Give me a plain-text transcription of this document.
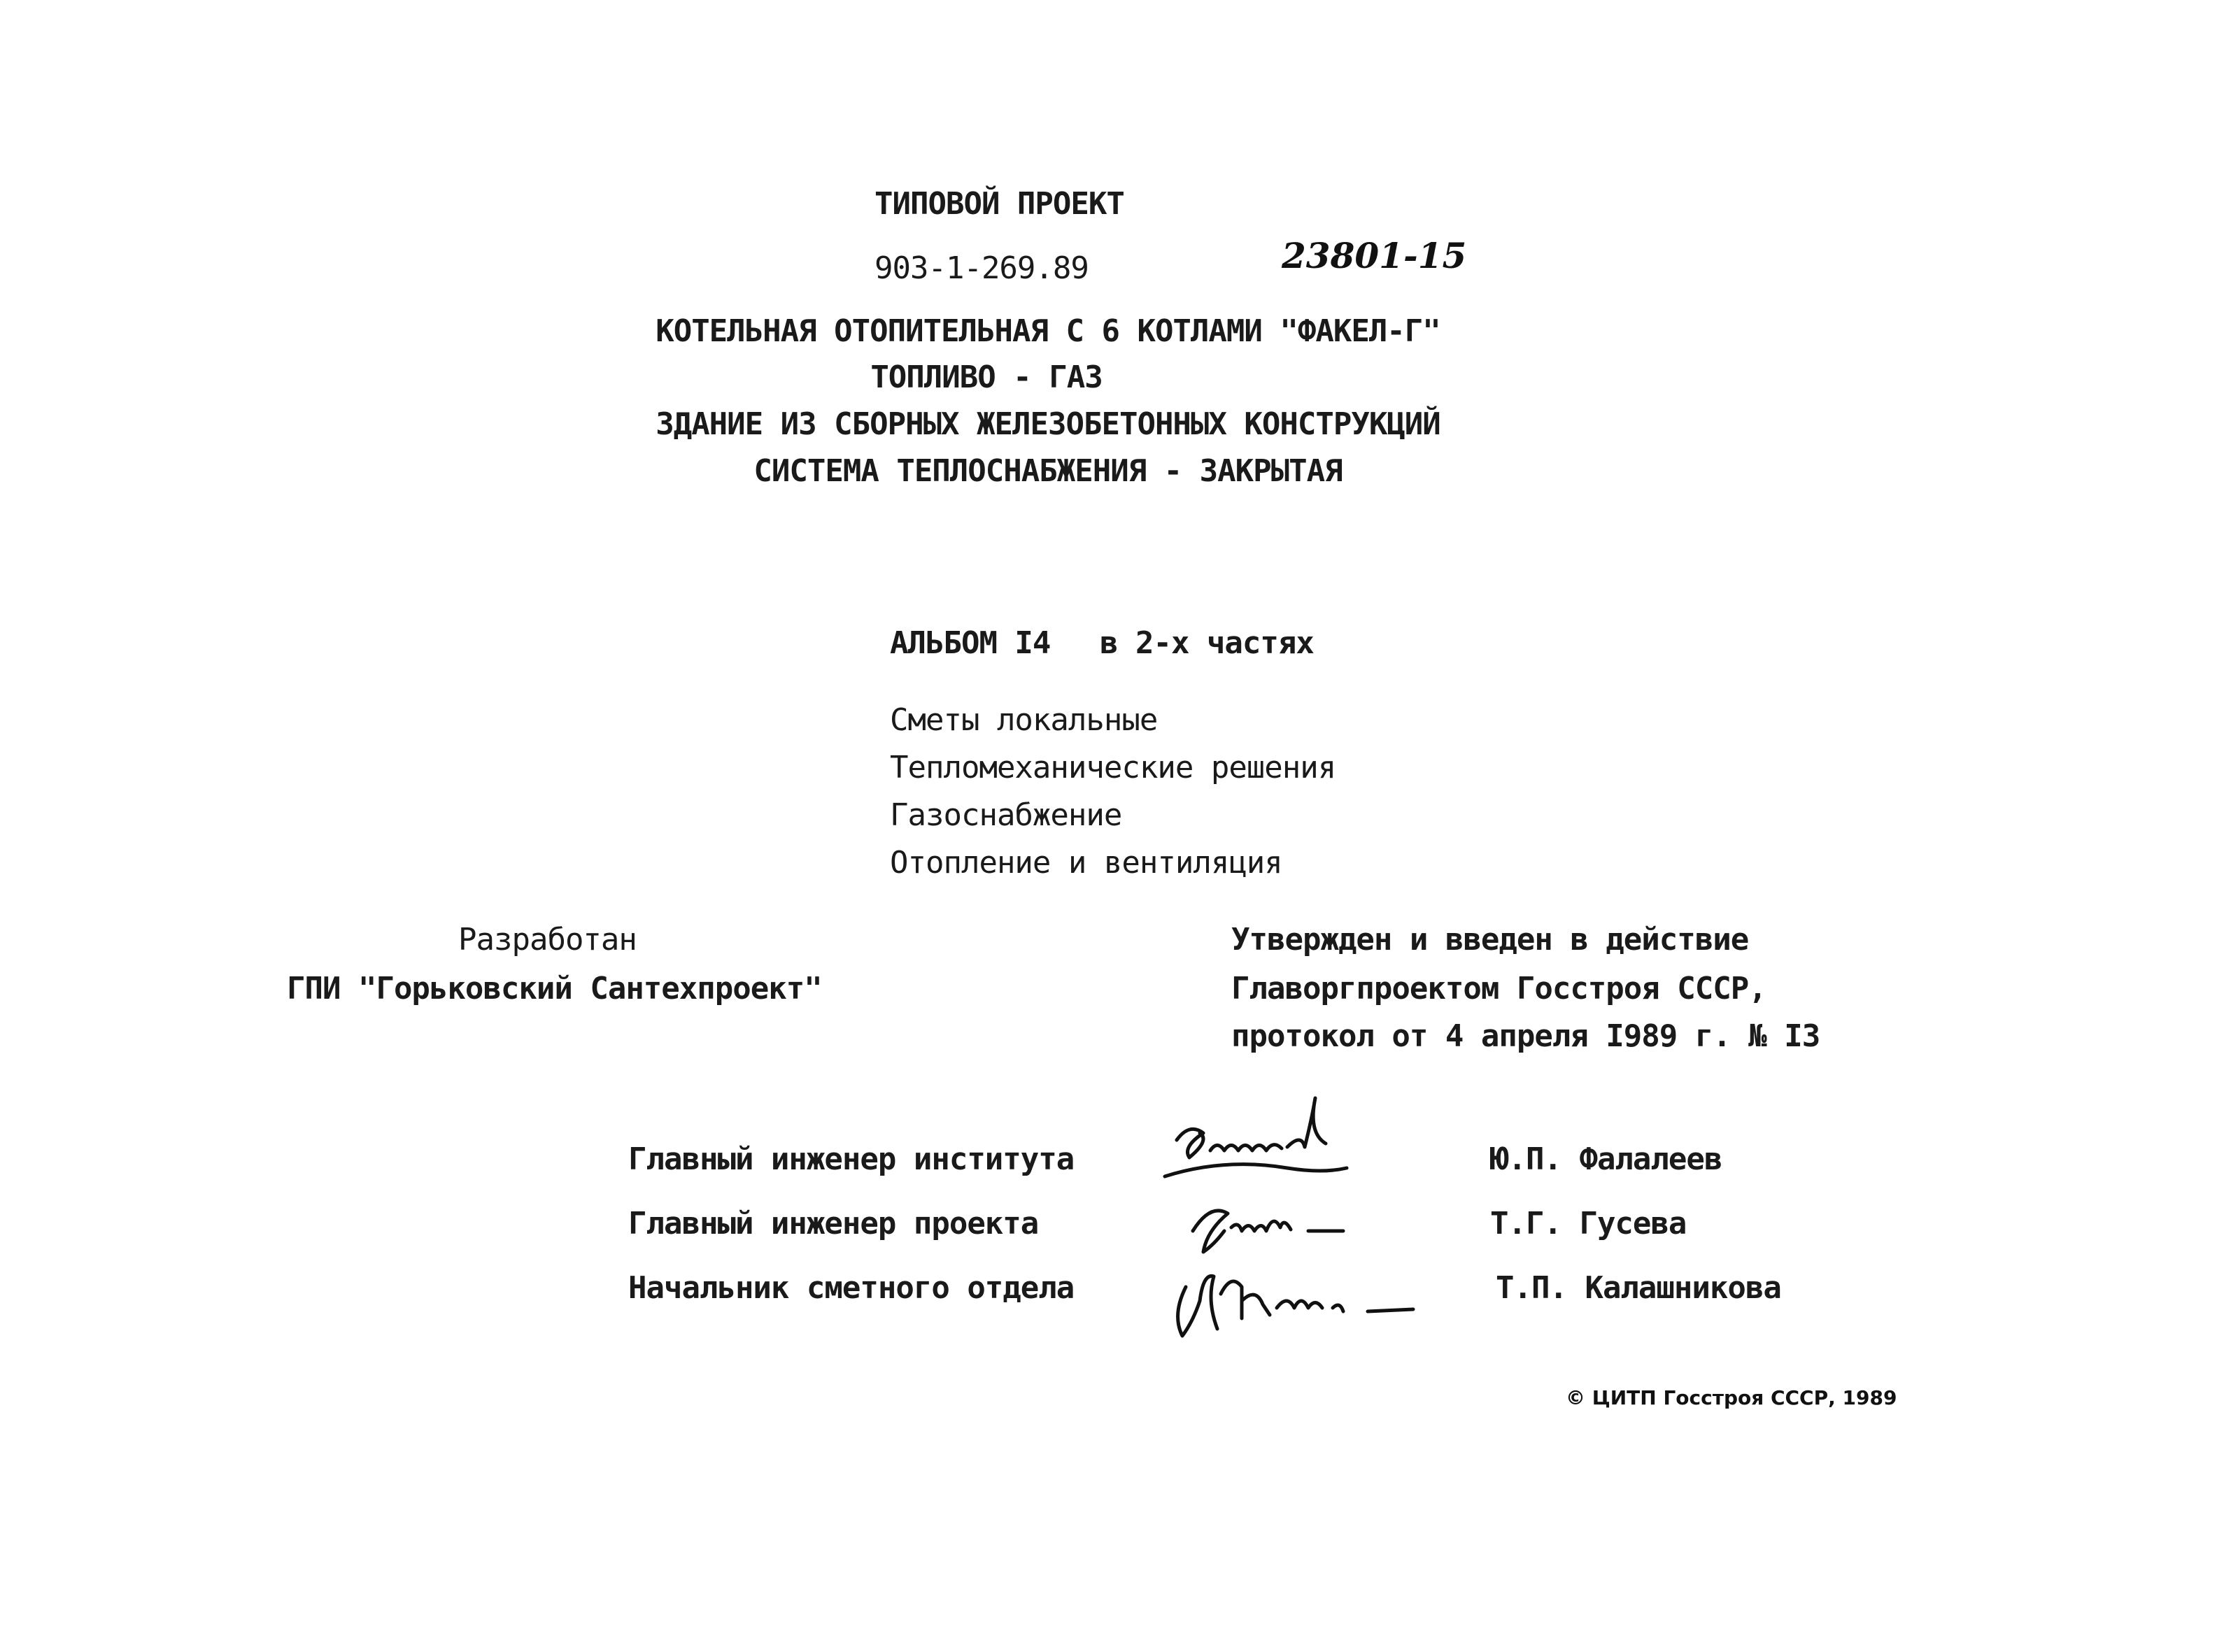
ТИПОВОЙ ПРОЕКТ
903-1-269.89	23801-15
КОТЕЛЬНАЯ ОТОПИТЕЛЬНАЯ С 6 КОТЛАМИ "ФАКЕЛ-Г"
ТОПЛИВО - ГАЗ
ЗДАНИЕ ИЗ СБОРНЫХ ЖЕЛЕЗОБЕТОННЫХ КОНСТРУКЦИЙ
СИСТЕМА ТЕПЛОСНАБЖЕНИЯ - ЗАКРЫТАЯ
АЛЬБОМ I4 в 2-х частях
Сметы локальные
Тепломеханические решения
Газоснабжение
Отопление и вентиляция
Разработан
ГПИ "Горьковский Сантехпроект"
Утвержден и введен в действие
Главоргпроектом Госстроя СССР,
протокол от 4 апреля I989 г. № I3
Главный инженер института	Ю.П. Фалалеев
Главный инженер проекта	Т.Г. Гусева
Начальник сметного отдела	Т.П. Калашникова
© ЦИТП Госстроя СССР, 1989
